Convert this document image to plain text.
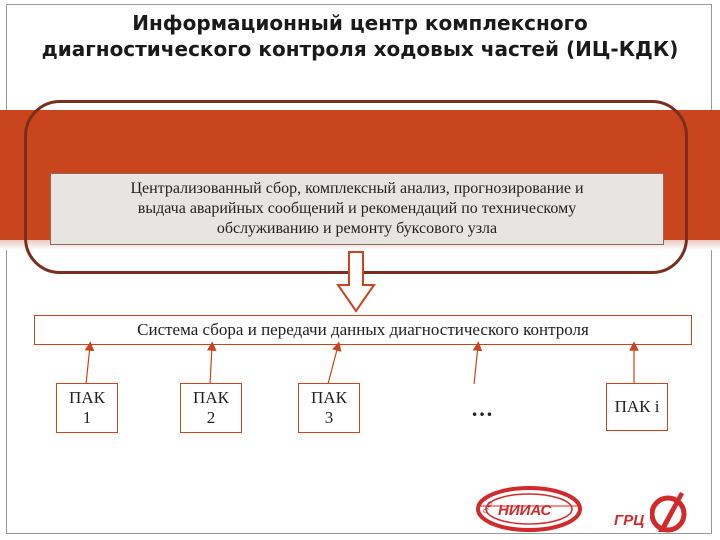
Информационный центр комплексного
диагностического контроля ходовых частей (ИЦ-КДК)
Централизованный сбор, комплексный анализ, прогнозирование и
выдача аварийных сообщений и рекомендаций по техническому
обслуживанию и ремонту буксового узла
Система сбора и передачи данных диагностического контроля
ПАК
1
ПАК
2
ПАК
3	…	ПАК i
ОАО НИИАС
ГРЦ
